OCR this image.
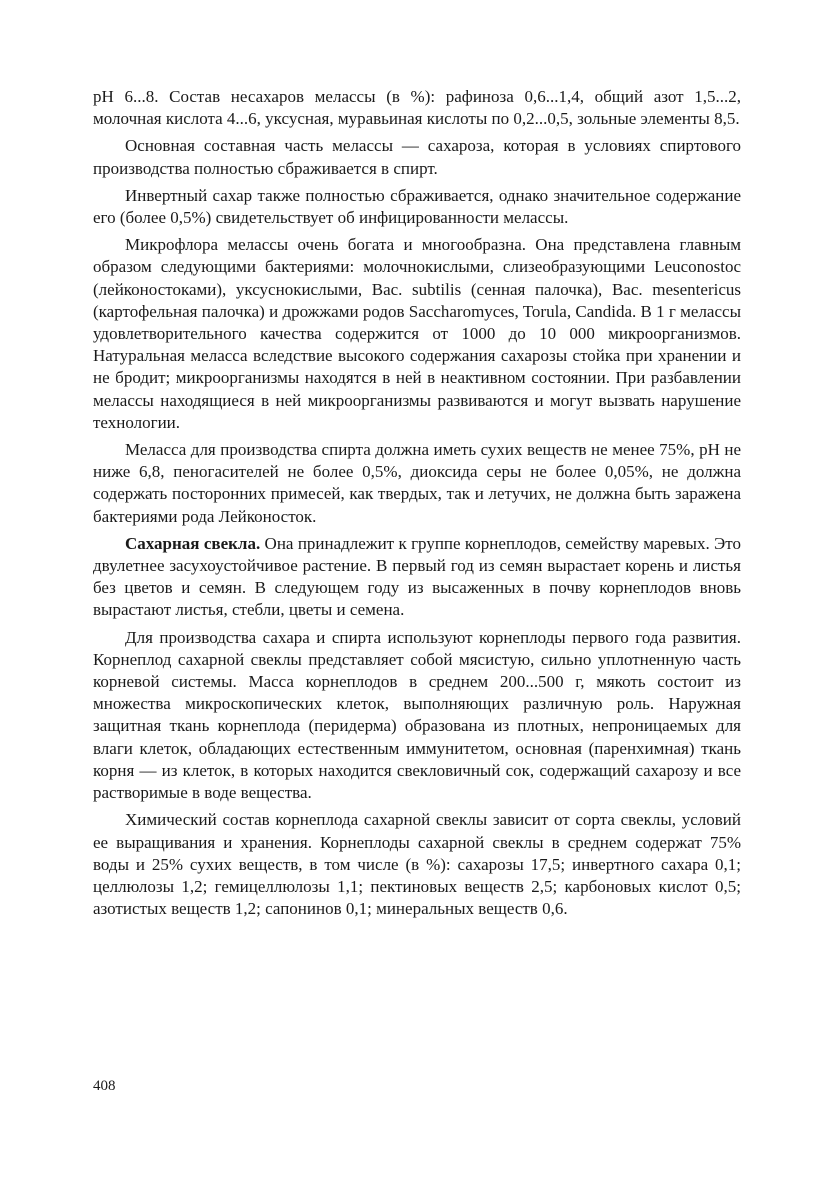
pH 6...8. Состав несахаров мелассы (в %): рафиноза 0,6...1,4, общий азот 1,5...2, молочная кислота 4...6, уксусная, муравьиная кислоты по 0,2...0,5, зольные элементы 8,5.

Основная составная часть мелассы — сахароза, которая в условиях спиртового производства полностью сбраживается в спирт.

Инвертный сахар также полностью сбраживается, однако значительное содержание его (более 0,5%) свидетельствует об инфицированности мелассы.

Микрофлора мелассы очень богата и многообразна. Она представлена главным образом следующими бактериями: молочнокислыми, слизеобразующими Leuconostoc (лейконостоками), уксуснокислыми, Bac. subtilis (сенная палочка), Bac. mesentericus (картофельная палочка) и дрожжами родов Saccharomyces, Torula, Candida. В 1 г мелассы удовлетворительного качества содержится от 1000 до 10 000 микроорганизмов. Натуральная меласса вследствие высокого содержания сахарозы стойка при хранении и не бродит; микроорганизмы находятся в ней в неактивном состоянии. При разбавлении мелассы находящиеся в ней микроорганизмы развиваются и могут вызвать нарушение технологии.

Меласса для производства спирта должна иметь сухих веществ не менее 75%, pH не ниже 6,8, пеногасителей не более 0,5%, диоксида серы не более 0,05%, не должна содержать посторонних примесей, как твердых, так и летучих, не должна быть заражена бактериями рода Лейконосток.

Сахарная свекла. Она принадлежит к группе корнеплодов, семейству маревых. Это двулетнее засухоустойчивое растение. В первый год из семян вырастает корень и листья без цветов и семян. В следующем году из высаженных в почву корнеплодов вновь вырастают листья, стебли, цветы и семена.

Для производства сахара и спирта используют корнеплоды первого года развития. Корнеплод сахарной свеклы представляет собой мясистую, сильно уплотненную часть корневой системы. Масса корнеплодов в среднем 200...500 г, мякоть состоит из множества микроскопических клеток, выполняющих различную роль. Наружная защитная ткань корнеплода (перидерма) образована из плотных, непроницаемых для влаги клеток, обладающих естественным иммунитетом, основная (паренхимная) ткань корня — из клеток, в которых находится свекловичный сок, содержащий сахарозу и все растворимые в воде вещества.

Химический состав корнеплода сахарной свеклы зависит от сорта свеклы, условий ее выращивания и хранения. Корнеплоды сахарной свеклы в среднем содержат 75% воды и 25% сухих веществ, в том числе (в %): сахарозы 17,5; инвертного сахара 0,1; целлюлозы 1,2; гемицеллюлозы 1,1; пектиновых веществ 2,5; карбоновых кислот 0,5; азотистых веществ 1,2; сапонинов 0,1; минеральных веществ 0,6.

408
